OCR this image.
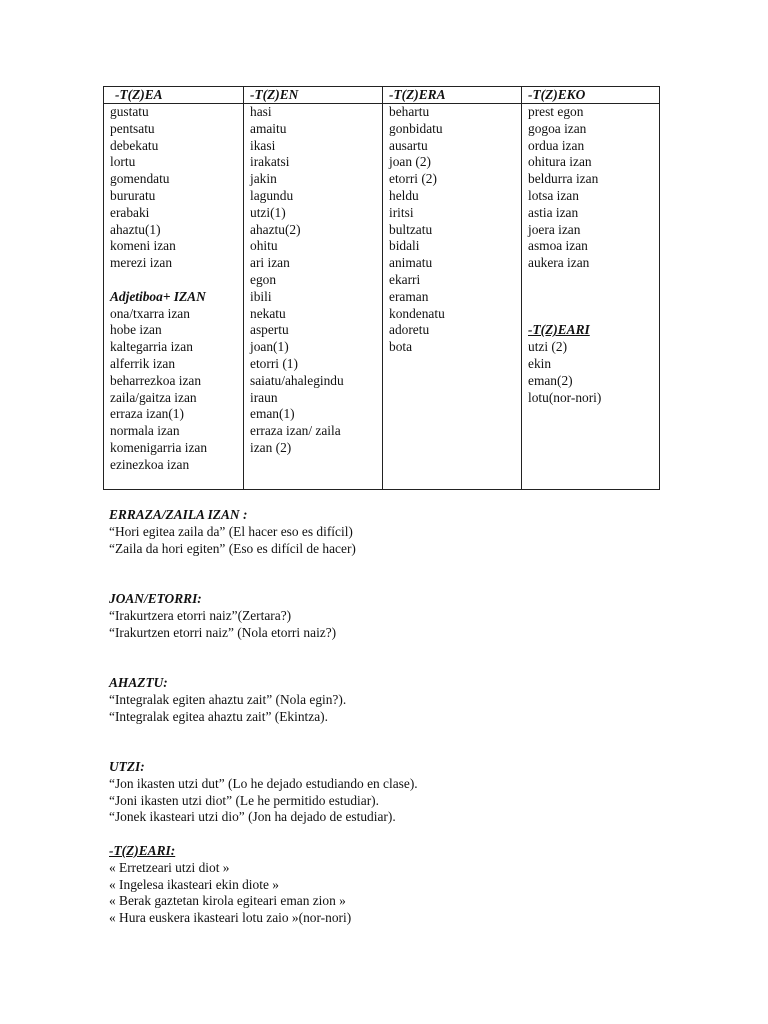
-T(Z)EA
gustatu
pentsatu
debekatu
lortu
gomendatu
bururatu
erabaki
ahaztu(1)
komeni izan
merezi izan
Adjetiboa+ IZAN
ona/txarra izan
hobe izan
kaltegarria izan
alferrik izan
beharrezkoa izan
zaila/gaitza izan
erraza izan(1)
normala izan
komenigarria izan
ezinezkoa izan
-T(Z)EN
hasi
amaitu
ikasi
irakatsi
jakin
lagundu
utzi(1)
ahaztu(2)
ohitu
ari izan
egon
ibili
nekatu
aspertu
joan(1)
etorri (1)
saiatu/ahalegindu
iraun
eman(1)
erraza izan/ zaila
izan (2)
-T(Z)ERA
behartu
gonbidatu
ausartu
joan (2)
etorri (2)
heldu
iritsi
bultzatu
bidali
animatu
ekarri
eraman
kondenatu
adoretu
bota
-T(Z)EKO
prest egon
gogoa izan
ordua izan
ohitura izan
beldurra izan
lotsa izan
astia izan
joera izan
asmoa izan
aukera izan
-T(Z)EARI
utzi (2)
ekin
eman(2)
lotu(nor-nori)
ERRAZA/ZAILA IZAN :
“Hori egitea zaila da” (El hacer eso es difícil)
“Zaila da hori egiten” (Eso es difícil de hacer)
JOAN/ETORRI:
“Irakurtzera etorri naiz”(Zertara?)
“Irakurtzen etorri naiz” (Nola etorri naiz?)
AHAZTU:
“Integralak egiten ahaztu zait” (Nola egin?).
“Integralak egitea ahaztu zait” (Ekintza).
UTZI:
“Jon ikasten utzi dut” (Lo he dejado estudiando en clase).
“Joni ikasten utzi diot” (Le he permitido estudiar).
“Jonek ikasteari utzi dio” (Jon ha dejado de estudiar).
-T(Z)EARI:
« Erretzeari utzi diot »
« Ingelesa ikasteari ekin diote »
« Berak gaztetan kirola egiteari eman zion »
« Hura euskera ikasteari lotu zaio »(nor-nori)
